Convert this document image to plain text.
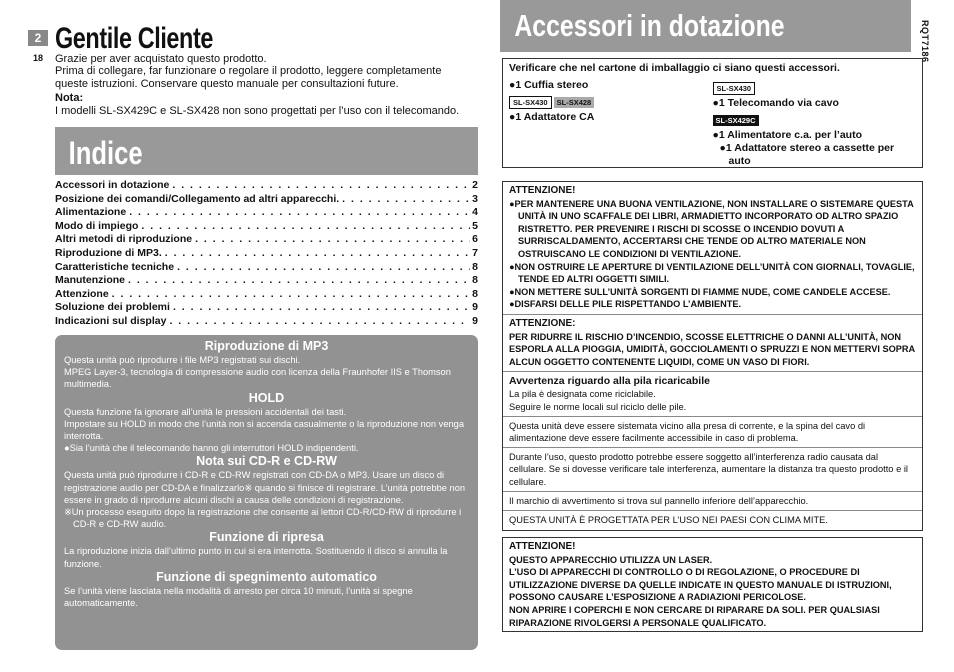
2
18	RQT7186
Gentile Cliente
Grazie per aver acquistato questo prodotto.
Prima di collegare, far funzionare o regolare il prodotto, leggere completamente
queste istruzioni. Conservare questo manuale per consultazioni future.
Nota:
I modelli SL-SX429C e SL-SX428 non sono progettati per l’uso con il telecomando.
Indice
Accessori in dotazione . . .	2
Posizione dei comandi/Collegamento ad altri apparecchi. . . .	3
Alimentazione . . .	4
Modo di impiego . . .	5
Altri metodi di riproduzione . . .	6
Riproduzione di MP3. . . .	7
Caratteristiche tecniche . . .	8
Manutenzione . . .	8
Attenzione . . .	8
Soluzione dei problemi . . .	9
Indicazioni sul display . . .	9
Riproduzione di MP3

Questa unità può riprodurre i file MP3 registrati sui dischi.

MPEG Layer-3, tecnologia di compressione audio con licenza della Fraunhofer IIS e Thomson multimedia.

HOLD

Questa funzione fa ignorare all’unità le pressioni accidentali dei tasti.

Impostare su HOLD in modo che l’unità non si accenda casualmente o la riproduzione non venga interrotta.

●Sia l’unità che il telecomando hanno gli interruttori HOLD indipendenti.

Nota sui CD-R e CD-RW

Questa unità può riprodurre i CD-R e CD-RW registrati con CD-DA o MP3. Usare un disco di registrazione audio per CD-DA e finalizzarlo※ quando si finisce di registrare. L’unità potrebbe non essere in grado di riprodurre alcuni dischi a causa delle condizioni di registrazione.

※Un processo eseguito dopo la registrazione che consente ai lettori CD-R/CD-RW di riprodurre i CD-R e CD-RW audio.

Funzione di ripresa

La riproduzione inizia dall’ultimo punto in cui si era interrotta. Sostituendo il disco si annulla la funzione.

Funzione di spegnimento automatico

Se l’unità viene lasciata nella modalità di arresto per circa 10 minuti, l’unità si spegne automaticamente.

Accessori in dotazione
Verificare che nel cartone di imballaggio ci siano questi accessori.
●1 Cuffia stereo
SL-SX430 SL-SX428
●1 Adattatore CA
SL-SX430
●1 Telecomando via cavo
SL-SX429C
●1 Alimentatore c.a. per l’auto
●1 Adattatore stereo a cassette per auto
ATTENZIONE!
●PER MANTENERE UNA BUONA VENTILAZIONE, NON INSTALLARE O SISTEMARE QUESTA UNITÀ IN UNO SCAFFALE DEI LIBRI, ARMADIETTO INCORPORATO OD ALTRO SPAZIO RISTRETTO. PER PREVENIRE I RISCHI DI SCOSSE O INCENDIO DOVUTI A SURRISCALDAMENTO, ACCERTARSI CHE TENDE OD ALTRO MATERIALE NON OSTRUISCANO LE CONDIZIONI DI VENTILAZIONE.
●NON OSTRUIRE LE APERTURE DI VENTILAZIONE DELL’UNITÀ CON GIORNALI, TOVAGLIE, TENDE ED ALTRI OGGETTI SIMILI.
●NON METTERE SULL’UNITÀ SORGENTI DI FIAMME NUDE, COME CANDELE ACCESE.
●DISFARSI DELLE PILE RISPETTANDO L’AMBIENTE.
ATTENZIONE:
PER RIDURRE IL RISCHIO D’INCENDIO, SCOSSE ELETTRICHE O DANNI ALL’UNITÀ, NON ESPORLA ALLA PIOGGIA, UMIDITÀ, GOCCIOLAMENTI O SPRUZZI E NON METTERVI SOPRA ALCUN OGGETTO CONTENENTE LIQUIDI, COME UN VASO DI FIORI.
Avvertenza riguardo alla pila ricaricabile
La pila è designata come riciclabile.
Seguire le norme locali sul riciclo delle pile.
Questa unità deve essere sistemata vicino alla presa di corrente, e la spina del cavo di alimentazione deve essere facilmente accessibile in caso di problema.
Durante l’uso, questo prodotto potrebbe essere soggetto all’interferenza radio causata dal cellulare. Se si dovesse verificare tale interferenza, aumentare la distanza tra questo prodotto e il cellulare.
Il marchio di avvertimento si trova sul pannello inferiore dell’apparecchio.
QUESTA UNITÀ È PROGETTATA PER L’USO NEI PAESI CON CLIMA MITE.
ATTENZIONE!
QUESTO APPARECCHIO UTILIZZA UN LASER.
L’USO DI APPARECCHI DI CONTROLLO O DI REGOLAZIONE, O PROCEDURE DI UTILIZZAZIONE DIVERSE DA QUELLE INDICATE IN QUESTO MANUALE DI ISTRUZIONI, POSSONO CAUSARE L’ESPOSIZIONE A RADIAZIONI PERICOLOSE.
NON APRIRE I COPERCHI E NON CERCARE DI RIPARARE DA SOLI. PER QUALSIASI RIPARAZIONE RIVOLGERSI A PERSONALE QUALIFICATO.
